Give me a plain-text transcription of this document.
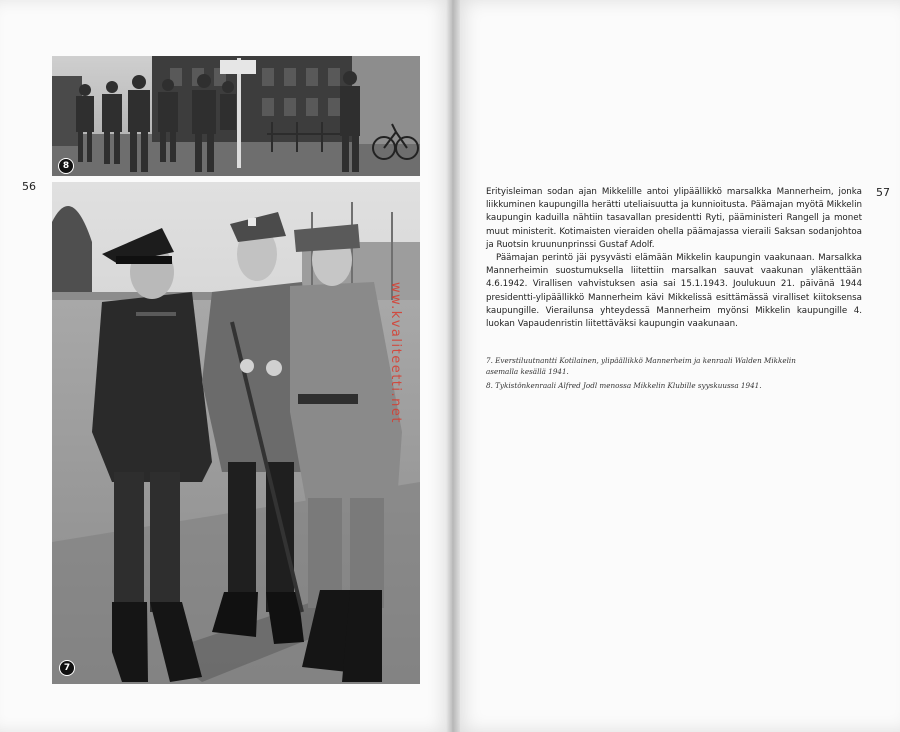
56	57
8
7
ww.kvaliteetti.net

Erityisleiman sodan ajan Mikkelille antoi ylipäällikkö marsalkka Mannerheim, jonka liikkuminen kaupungilla herätti uteliaisuutta ja kunnioitusta. Päämajan myötä Mikkelin kaupungin kaduilla nähtiin tasavallan presidentti Ryti, pääministeri Rangell ja monet muut ministerit. Kotimaisten vieraiden ohella päämajassa vieraili Saksan sodanjohtoa ja Ruotsin kruununprinssi Gustaf Adolf.

Päämajan perintö jäi pysyvästi elämään Mikkelin kaupungin vaakunaan. Marsalkka Mannerheimin suostumuksella liitettiin marsalkan sauvat vaakunan yläkenttään 4.6.1942. Virallisen vahvistuksen asia sai 15.1.1943. Joulukuun 21. päivänä 1944 presidentti-ylipäällikkö Mannerheim kävi Mikkelissä esittämässä viralliset kiitoksensa kaupungille. Vierailunsa yhteydessä Mannerheim myönsi Mikkelin kaupungille 4. luokan Vapaudenristin liitettäväksi kaupungin vaakunaan.

7. Everstiluutnantti Kotilainen, ylipäällikkö Mannerheim ja kenraali Walden Mikkelin asemalla kesällä 1941.
8. Tykistönkenraali Alfred Jodl menossa Mikkelin Klubille syyskuussa 1941.
